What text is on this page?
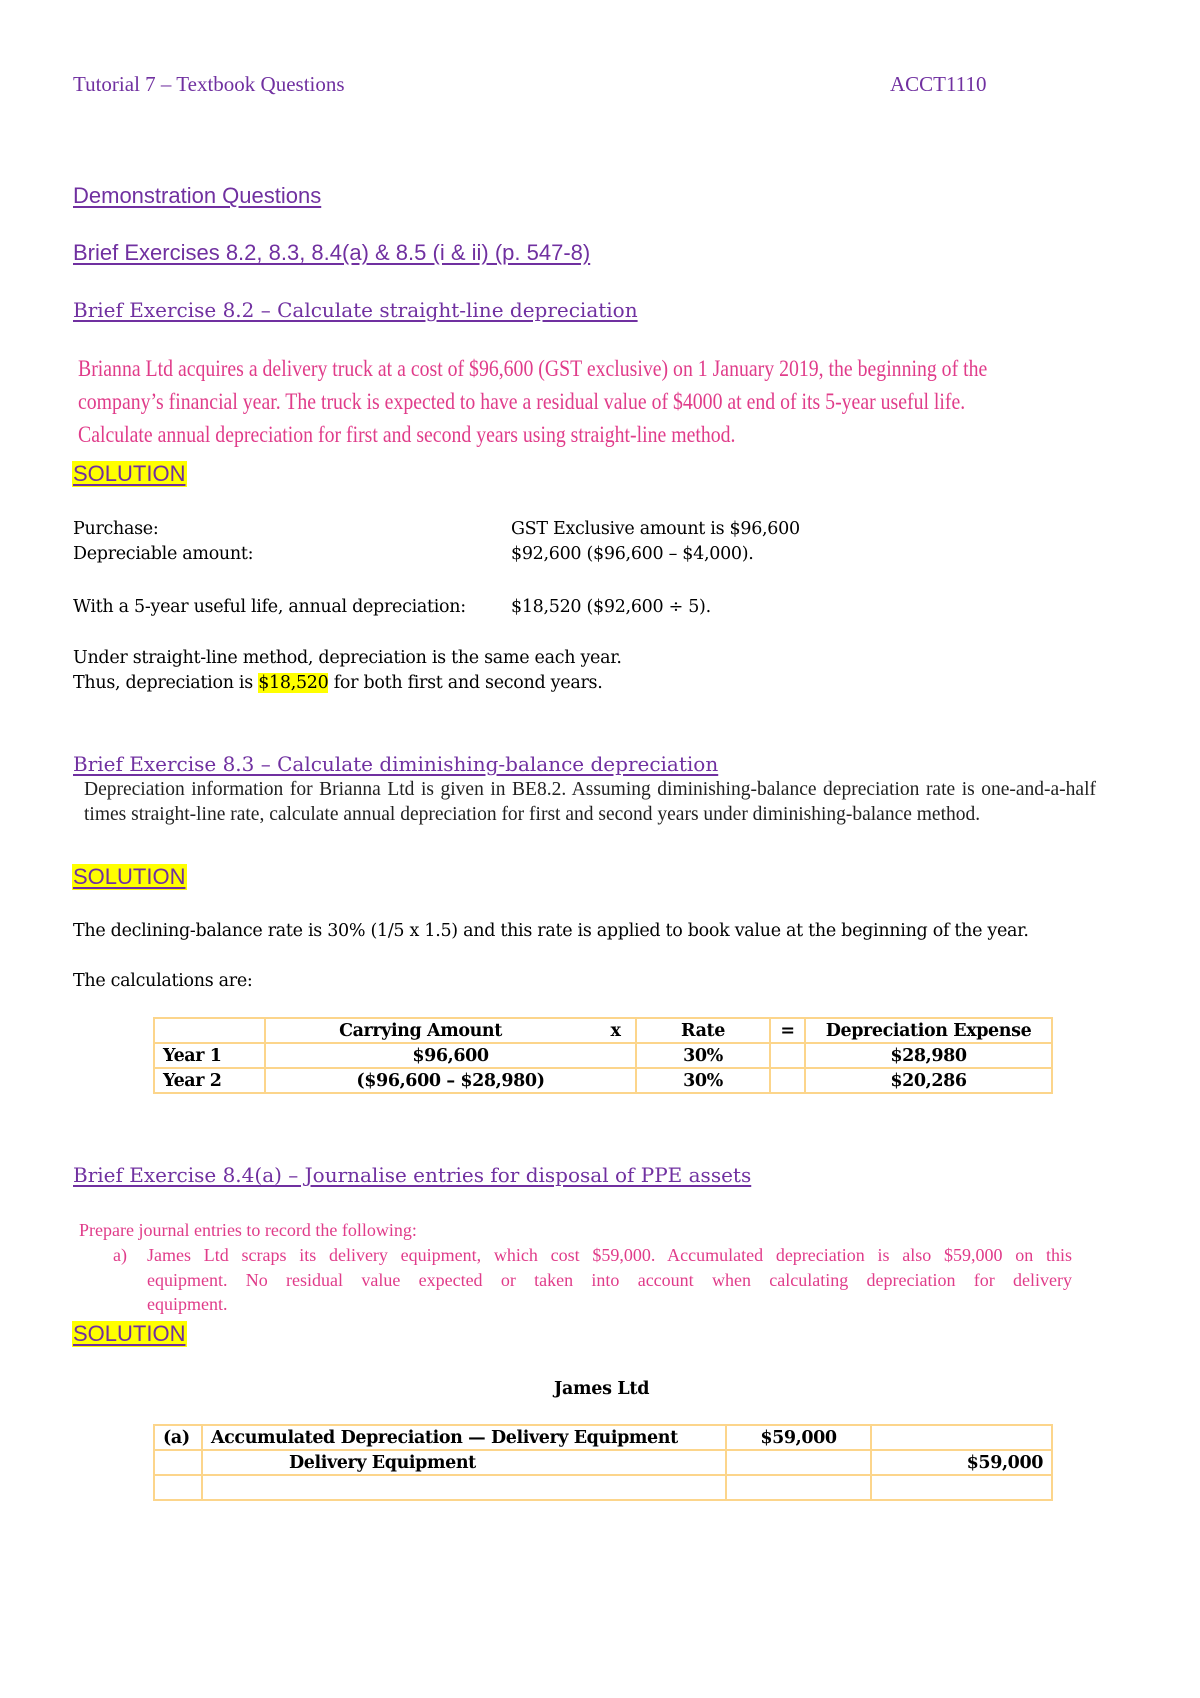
Tutorial 7 – Textbook Questions	ACCT1110
Demonstration Questions
Brief Exercises 8.2, 8.3, 8.4(a) & 8.5 (i & ii) (p. 547-8)
Brief Exercise 8.2 – Calculate straight-line depreciation
Brianna Ltd acquires a delivery truck at a cost of $96,600 (GST exclusive) on 1 January 2019, the beginning of the
company’s financial year. The truck is expected to have a residual value of $4000 at end of its 5-year useful life.
Calculate annual depreciation for first and second years using straight-line method.
SOLUTION
Purchase:	GST Exclusive amount is $96,600
Depreciable amount:	$92,600 ($96,600 – $4,000).
With a 5-year useful life, annual depreciation:	$18,520 ($92,600 ÷ 5).
Under straight-line method, depreciation is the same each year.
Thus, depreciation is $18,520 for both first and second years.
Brief Exercise 8.3 – Calculate diminishing-balance depreciation
Depreciation information for Brianna Ltd is given in BE8.2. Assuming diminishing-balance depreciation rate is one-and-a-half times straight-line rate, calculate annual depreciation for first and second years under diminishing-balance method.
SOLUTION
The declining-balance rate is 30% (1/5 x 1.5) and this rate is applied to book value at the beginning of the year.
The calculations are:
	Carrying Amount x	Rate	=	Depreciation Expense
Year 1	$96,600	30%		$28,980
Year 2	($96,600 – $28,980)	30%		$20,286
Brief Exercise 8.4(a) – Journalise entries for disposal of PPE assets
Prepare journal entries to record the following:
a) James Ltd scraps its delivery equipment, which cost $59,000. Accumulated depreciation is also $59,000 on this
equipment. No residual value expected or taken into account when calculating depreciation for delivery
equipment.
SOLUTION
James Ltd
(a)	Accumulated Depreciation — Delivery Equipment	$59,000	
	Delivery Equipment		$59,000
